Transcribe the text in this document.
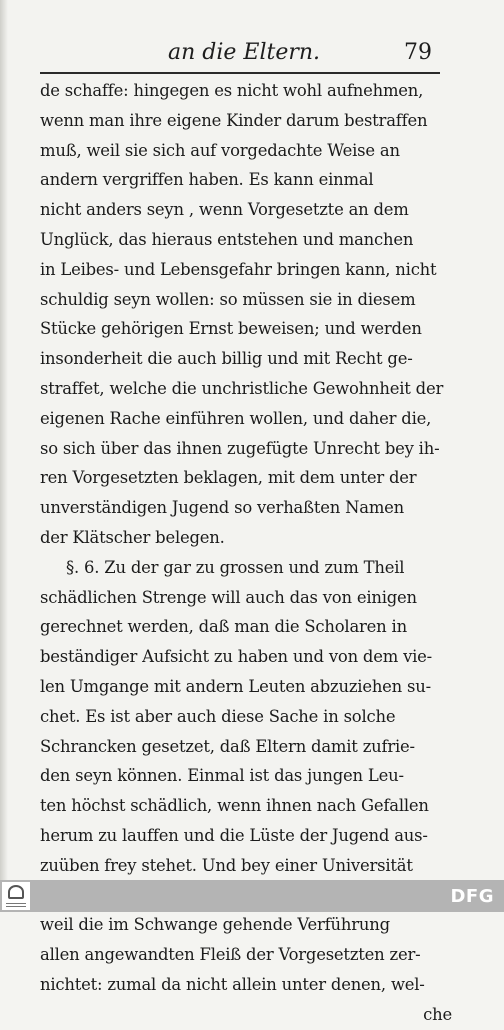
an die Eltern.	79
de schaffe: hingegen es nicht wohl aufnehmen,
wenn man ihre eigene Kinder darum bestraffen
muß, weil sie sich auf vorgedachte Weise an
andern vergriffen haben. Es kann einmal
nicht anders seyn , wenn Vorgesetzte an dem
Unglück, das hieraus entstehen und manchen
in Leibes- und Lebensgefahr bringen kann, nicht
schuldig seyn wollen: so müssen sie in diesem
Stücke gehörigen Ernst beweisen; und werden
insonderheit die auch billig und mit Recht ge-
straffet, welche die unchristliche Gewohnheit der
eigenen Rache einführen wollen, und daher die,
so sich über das ihnen zugefügte Unrecht bey ih-
ren Vorgesetzten beklagen, mit dem unter der
unverständigen Jugend so verhaßten Namen
der Klätscher belegen.
§. 6. Zu der gar zu grossen und zum Theil
schädlichen Strenge will auch das von einigen
gerechnet werden, daß man die Scholaren in
beständiger Aufsicht zu haben und von dem vie-
len Umgange mit andern Leuten abzuziehen su-
chet. Es ist aber auch diese Sache in solche
Schrancken gesetzet, daß Eltern damit zufrie-
den seyn können. Einmal ist das jungen Leu-
ten höchst schädlich, wenn ihnen nach Gefallen
herum zu lauffen und die Lüste der Jugend aus-
zuüben frey stehet. Und bey einer Universität
weil die im Schwange gehende Verführung
allen angewandten Fleiß der Vorgesetzten zer-
nichtet: zumal da nicht allein unter denen, wel-
che
DFG
